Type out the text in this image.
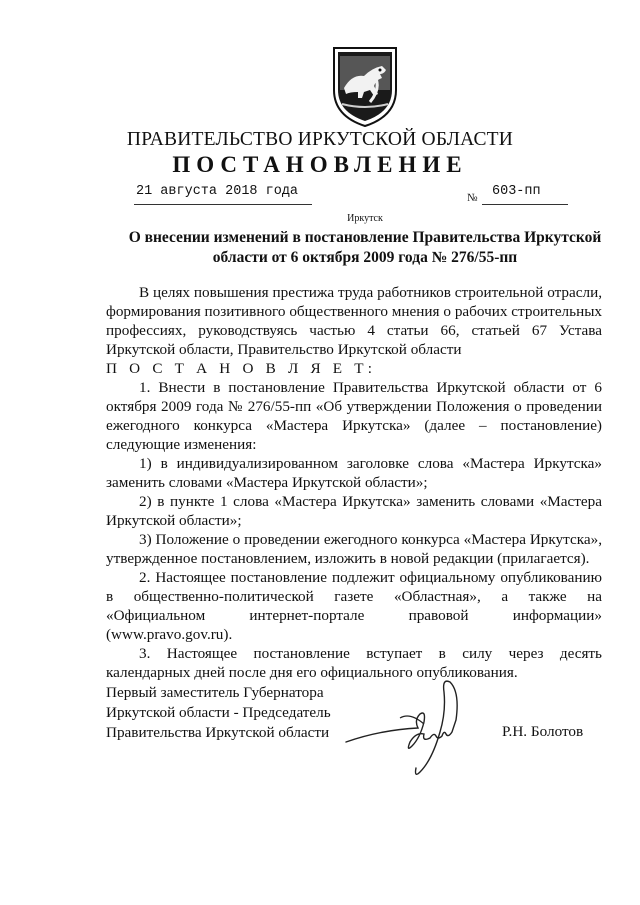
ПРАВИТЕЛЬСТВО ИРКУТСКОЙ ОБЛАСТИ
ПОСТАНОВЛЕНИЕ
21 августа 2018 года	№ 603-пп
Иркутск
О внесении изменений в постановление Правительства Иркутской
области от 6 октября 2009 года № 276/55-пп

В целях повышения престижа труда работников строительной отрасли, формирования позитивного общественного мнения о рабочих строительных профессиях, руководствуясь частью 4 статьи 66, статьей 67 Устава Иркутской области, Правительство Иркутской области

П О С Т А Н О В Л Я Е Т:

1. Внести в постановление Правительства Иркутской области от 6 октября 2009 года № 276/55-пп «Об утверждении Положения о проведении ежегодного конкурса «Мастера Иркутска» (далее – постановление) следующие изменения:

1) в индивидуализированном заголовке слова «Мастера Иркутска» заменить словами «Мастера Иркутской области»;

2) в пункте 1 слова «Мастера Иркутска» заменить словами «Мастера Иркутской области»;

3) Положение о проведении ежегодного конкурса «Мастера Иркутска», утвержденное постановлением, изложить в новой редакции (прилагается).

2. Настоящее постановление подлежит официальному опубликованию в общественно-политической газете «Областная», а также на «Официальном интернет-портале правовой информации» (www.pravo.gov.ru).

3. Настоящее постановление вступает в силу через десять календарных дней после дня его официального опубликования.

Первый заместитель Губернатора
Иркутской области - Председатель
Правительства Иркутской области	Р.Н. Болотов
